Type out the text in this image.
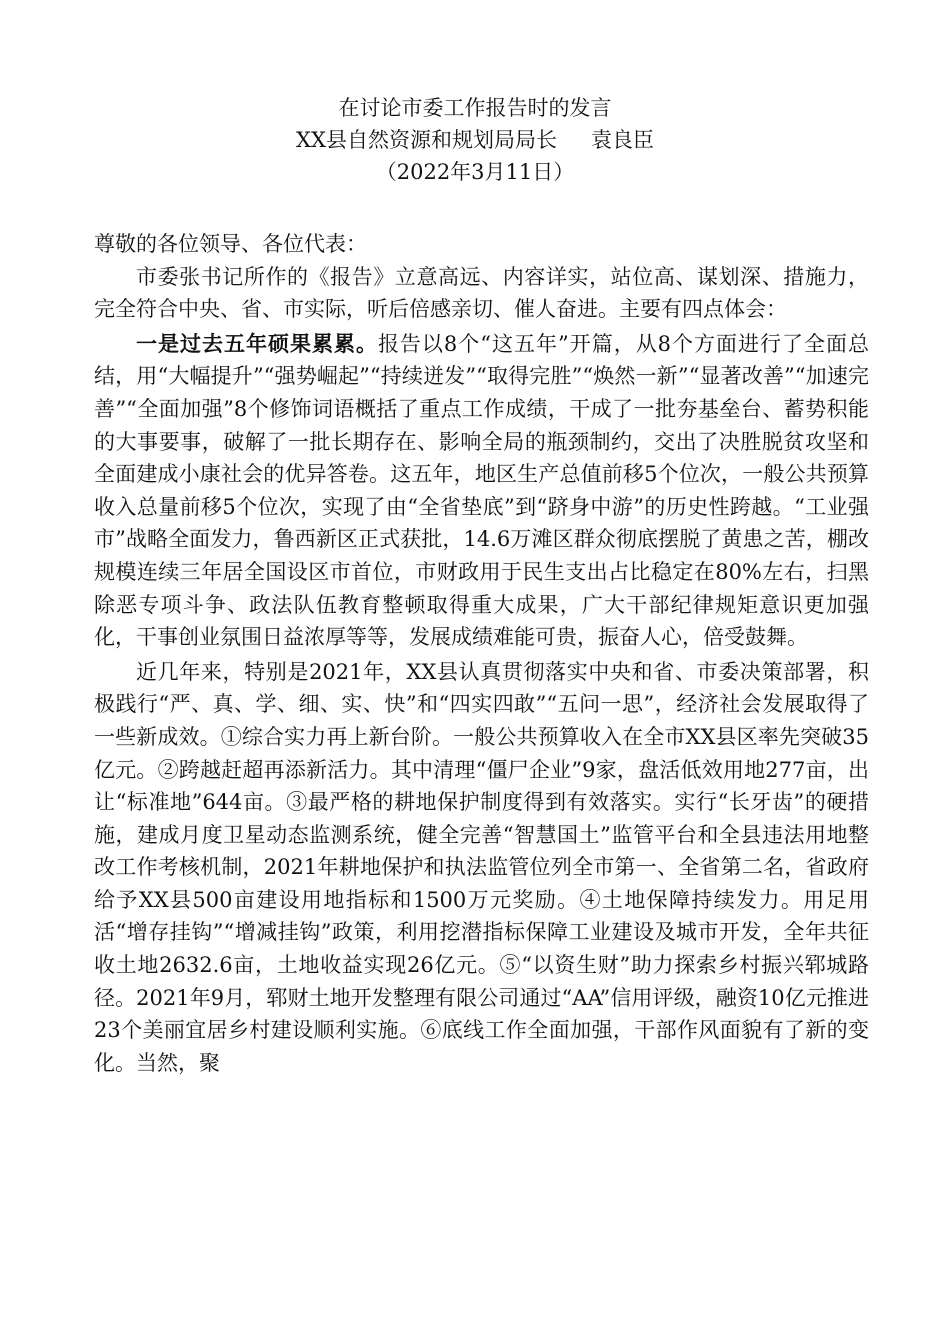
在讨论市委工作报告时的发言
XX县自然资源和规划局局长 袁良臣
（2022年3月11日）

尊敬的各位领导、各位代表：

市委张书记所作的《报告》立意高远、内容详实，站位高、谋划深、措施力，完全符合中央、省、市实际，听后倍感亲切、催人奋进。主要有四点体会：

一是过去五年硕果累累。报告以8个“这五年”开篇，从8个方面进行了全面总结，用“大幅提升”“强势崛起”“持续迸发”“取得完胜”“焕然一新”“显著改善”“加速完善”“全面加强”8个修饰词语概括了重点工作成绩，干成了一批夯基垒台、蓄势积能的大事要事，破解了一批长期存在、影响全局的瓶颈制约，交出了决胜脱贫攻坚和全面建成小康社会的优异答卷。这五年，地区生产总值前移5个位次，一般公共预算收入总量前移5个位次，实现了由“全省垫底”到“跻身中游”的历史性跨越。“工业强市”战略全面发力，鲁西新区正式获批，14.6万滩区群众彻底摆脱了黄患之苦，棚改规模连续三年居全国设区市首位，市财政用于民生支出占比稳定在80%左右，扫黑除恶专项斗争、政法队伍教育整顿取得重大成果，广大干部纪律规矩意识更加强化，干事创业氛围日益浓厚等等，发展成绩难能可贵，振奋人心，倍受鼓舞。

近几年来，特别是2021年，XX县认真贯彻落实中央和省、市委决策部署，积极践行“严、真、学、细、实、快”和“四实四敢”“五问一思”，经济社会发展取得了一些新成效。①综合实力再上新台阶。一般公共预算收入在全市XX县区率先突破35亿元。②跨越赶超再添新活力。其中清理“僵尸企业”9家，盘活低效用地277亩，出让“标准地”644亩。③最严格的耕地保护制度得到有效落实。实行“长牙齿”的硬措施，建成月度卫星动态监测系统，健全完善“智慧国土”监管平台和全县违法用地整改工作考核机制，2021年耕地保护和执法监管位列全市第一、全省第二名，省政府给予XX县500亩建设用地指标和1500万元奖励。④土地保障持续发力。用足用活“增存挂钩”“增减挂钩”政策，利用挖潜指标保障工业建设及城市开发，全年共征收土地2632.6亩，土地收益实现26亿元。⑤“以资生财”助力探索乡村振兴郓城路径。2021年9月，郓财土地开发整理有限公司通过“AA”信用评级，融资10亿元推进23个美丽宜居乡村建设顺利实施。⑥底线工作全面加强，干部作风面貌有了新的变化。当然，聚
